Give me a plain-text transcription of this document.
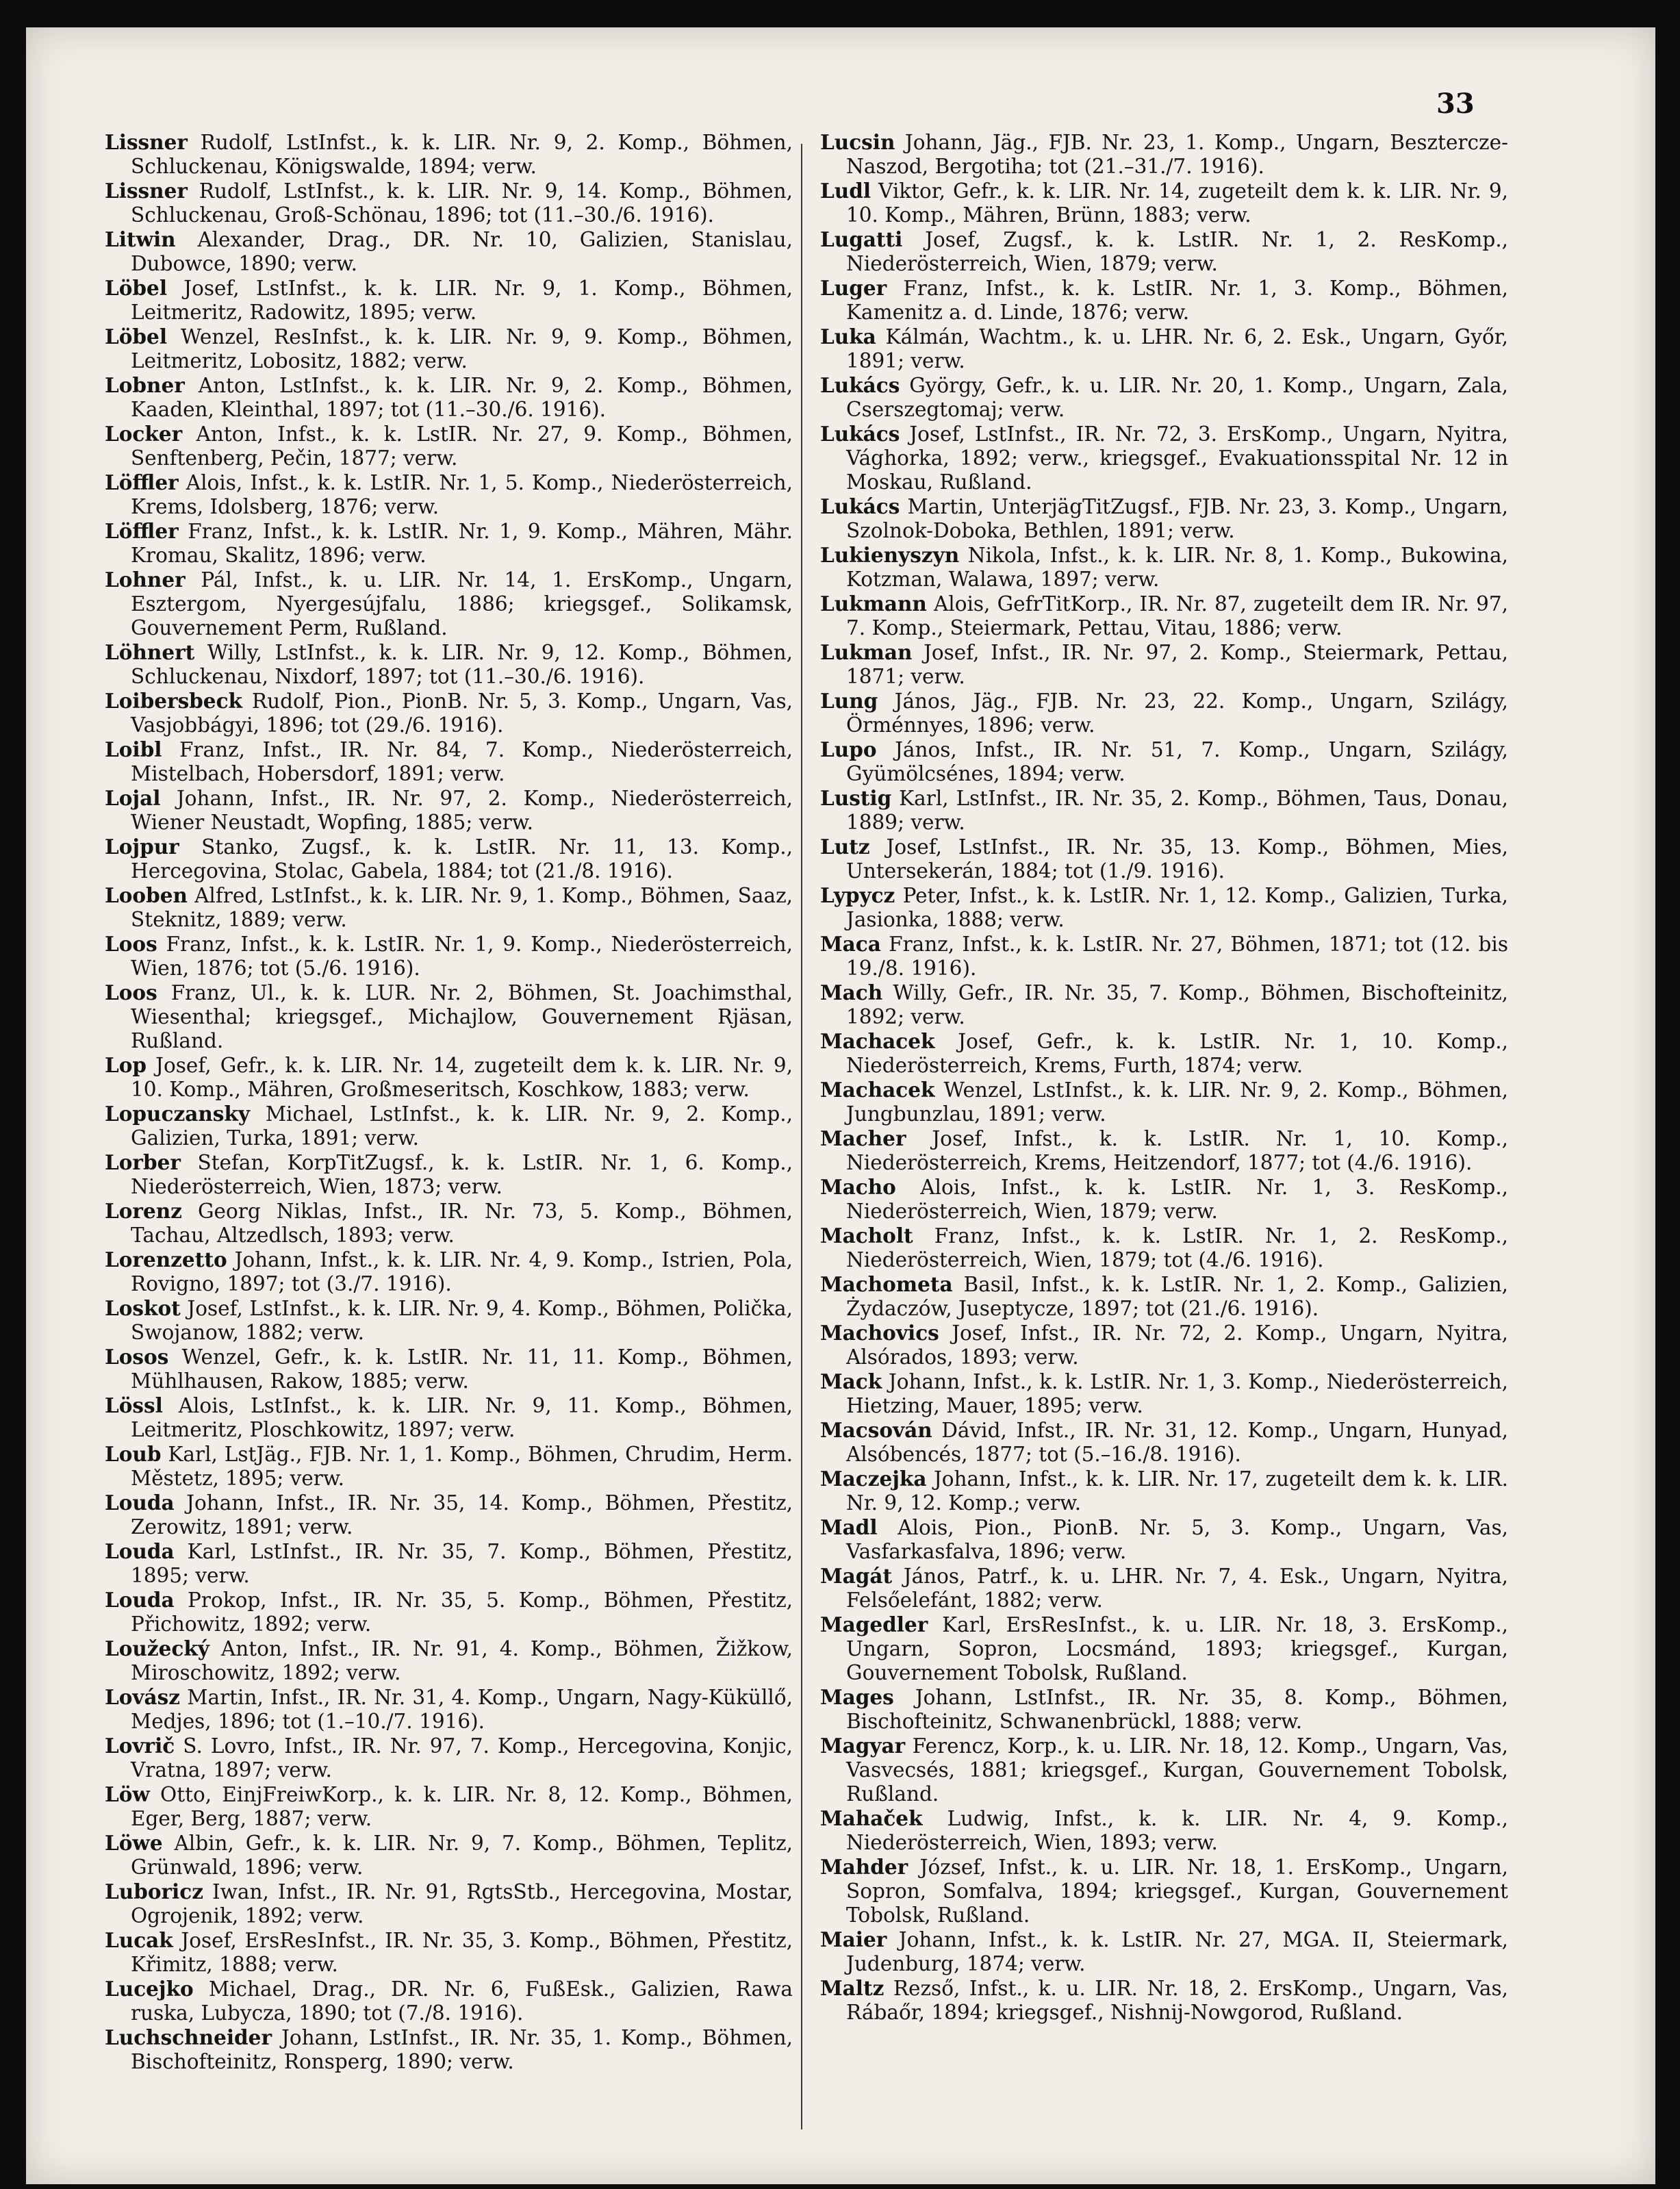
33

Lissner Rudolf, LstInfst., k. k. LIR. Nr. 9, 2. Komp., Böhmen, Schluckenau, Königswalde, 1894; verw.

Lissner Rudolf, LstInfst., k. k. LIR. Nr. 9, 14. Komp., Böhmen, Schluckenau, Groß-Schönau, 1896; tot (11.–30./6. 1916).

Litwin Alexander, Drag., DR. Nr. 10, Galizien, Stanislau, Dubowce, 1890; verw.

Löbel Josef, LstInfst., k. k. LIR. Nr. 9, 1. Komp., Böhmen, Leitmeritz, Radowitz, 1895; verw.

Löbel Wenzel, ResInfst., k. k. LIR. Nr. 9, 9. Komp., Böhmen, Leitmeritz, Lobositz, 1882; verw.

Lobner Anton, LstInfst., k. k. LIR. Nr. 9, 2. Komp., Böhmen, Kaaden, Kleinthal, 1897; tot (11.–30./6. 1916).

Locker Anton, Infst., k. k. LstIR. Nr. 27, 9. Komp., Böhmen, Senftenberg, Pečin, 1877; verw.

Löffler Alois, Infst., k. k. LstIR. Nr. 1, 5. Komp., Niederösterreich, Krems, Idolsberg, 1876; verw.

Löffler Franz, Infst., k. k. LstIR. Nr. 1, 9. Komp., Mähren, Mähr. Kromau, Skalitz, 1896; verw.

Lohner Pál, Infst., k. u. LIR. Nr. 14, 1. ErsKomp., Ungarn, Esztergom, Nyergesújfalu, 1886; kriegsgef., Solikamsk, Gouvernement Perm, Rußland.

Löhnert Willy, LstInfst., k. k. LIR. Nr. 9, 12. Komp., Böhmen, Schluckenau, Nixdorf, 1897; tot (11.–30./6. 1916).

Loibersbeck Rudolf, Pion., PionB. Nr. 5, 3. Komp., Ungarn, Vas, Vasjobbágyi, 1896; tot (29./6. 1916).

Loibl Franz, Infst., IR. Nr. 84, 7. Komp., Niederösterreich, Mistelbach, Hobersdorf, 1891; verw.

Lojal Johann, Infst., IR. Nr. 97, 2. Komp., Niederösterreich, Wiener Neustadt, Wopfing, 1885; verw.

Lojpur Stanko, Zugsf., k. k. LstIR. Nr. 11, 13. Komp., Hercegovina, Stolac, Gabela, 1884; tot (21./8. 1916).

Looben Alfred, LstInfst., k. k. LIR. Nr. 9, 1. Komp., Böhmen, Saaz, Steknitz, 1889; verw.

Loos Franz, Infst., k. k. LstIR. Nr. 1, 9. Komp., Niederösterreich, Wien, 1876; tot (5./6. 1916).

Loos Franz, Ul., k. k. LUR. Nr. 2, Böhmen, St. Joachimsthal, Wiesenthal; kriegsgef., Michajlow, Gouvernement Rjäsan, Rußland.

Lop Josef, Gefr., k. k. LIR. Nr. 14, zugeteilt dem k. k. LIR. Nr. 9, 10. Komp., Mähren, Großmeseritsch, Koschkow, 1883; verw.

Lopuczansky Michael, LstInfst., k. k. LIR. Nr. 9, 2. Komp., Galizien, Turka, 1891; verw.

Lorber Stefan, KorpTitZugsf., k. k. LstIR. Nr. 1, 6. Komp., Niederösterreich, Wien, 1873; verw.

Lorenz Georg Niklas, Infst., IR. Nr. 73, 5. Komp., Böhmen, Tachau, Altzedlsch, 1893; verw.

Lorenzetto Johann, Infst., k. k. LIR. Nr. 4, 9. Komp., Istrien, Pola, Rovigno, 1897; tot (3./7. 1916).

Loskot Josef, LstInfst., k. k. LIR. Nr. 9, 4. Komp., Böhmen, Polička, Swojanow, 1882; verw.

Losos Wenzel, Gefr., k. k. LstIR. Nr. 11, 11. Komp., Böhmen, Mühlhausen, Rakow, 1885; verw.

Lössl Alois, LstInfst., k. k. LIR. Nr. 9, 11. Komp., Böhmen, Leitmeritz, Ploschkowitz, 1897; verw.

Loub Karl, LstJäg., FJB. Nr. 1, 1. Komp., Böhmen, Chrudim, Herm. Městetz, 1895; verw.

Louda Johann, Infst., IR. Nr. 35, 14. Komp., Böhmen, Přestitz, Zerowitz, 1891; verw.

Louda Karl, LstInfst., IR. Nr. 35, 7. Komp., Böhmen, Přestitz, 1895; verw.

Louda Prokop, Infst., IR. Nr. 35, 5. Komp., Böhmen, Přestitz, Přichowitz, 1892; verw.

Loužecký Anton, Infst., IR. Nr. 91, 4. Komp., Böhmen, Žižkow, Miroschowitz, 1892; verw.

Lovász Martin, Infst., IR. Nr. 31, 4. Komp., Ungarn, Nagy-Küküllő, Medjes, 1896; tot (1.–10./7. 1916).

Lovrič S. Lovro, Infst., IR. Nr. 97, 7. Komp., Hercegovina, Konjic, Vratna, 1897; verw.

Löw Otto, EinjFreiwKorp., k. k. LIR. Nr. 8, 12. Komp., Böhmen, Eger, Berg, 1887; verw.

Löwe Albin, Gefr., k. k. LIR. Nr. 9, 7. Komp., Böhmen, Teplitz, Grünwald, 1896; verw.

Luboricz Iwan, Infst., IR. Nr. 91, RgtsStb., Hercegovina, Mostar, Ogrojenik, 1892; verw.

Lucak Josef, ErsResInfst., IR. Nr. 35, 3. Komp., Böhmen, Přestitz, Křimitz, 1888; verw.

Lucejko Michael, Drag., DR. Nr. 6, FußEsk., Galizien, Rawa ruska, Lubycza, 1890; tot (7./8. 1916).

Luchschneider Johann, LstInfst., IR. Nr. 35, 1. Komp., Böhmen, Bischofteinitz, Ronsperg, 1890; verw.

Lucsin Johann, Jäg., FJB. Nr. 23, 1. Komp., Ungarn, Besztercze-Naszod, Bergotiha; tot (21.–31./7. 1916).

Ludl Viktor, Gefr., k. k. LIR. Nr. 14, zugeteilt dem k. k. LIR. Nr. 9, 10. Komp., Mähren, Brünn, 1883; verw.

Lugatti Josef, Zugsf., k. k. LstIR. Nr. 1, 2. ResKomp., Niederösterreich, Wien, 1879; verw.

Luger Franz, Infst., k. k. LstIR. Nr. 1, 3. Komp., Böhmen, Kamenitz a. d. Linde, 1876; verw.

Luka Kálmán, Wachtm., k. u. LHR. Nr. 6, 2. Esk., Ungarn, Győr, 1891; verw.

Lukács György, Gefr., k. u. LIR. Nr. 20, 1. Komp., Ungarn, Zala, Cserszegtomaj; verw.

Lukács Josef, LstInfst., IR. Nr. 72, 3. ErsKomp., Ungarn, Nyitra, Vághorka, 1892; verw., kriegsgef., Evakuationsspital Nr. 12 in Moskau, Rußland.

Lukács Martin, UnterjägTitZugsf., FJB. Nr. 23, 3. Komp., Ungarn, Szolnok-Doboka, Bethlen, 1891; verw.

Lukienyszyn Nikola, Infst., k. k. LIR. Nr. 8, 1. Komp., Bukowina, Kotzman, Walawa, 1897; verw.

Lukmann Alois, GefrTitKorp., IR. Nr. 87, zugeteilt dem IR. Nr. 97, 7. Komp., Steiermark, Pettau, Vitau, 1886; verw.

Lukman Josef, Infst., IR. Nr. 97, 2. Komp., Steiermark, Pettau, 1871; verw.

Lung János, Jäg., FJB. Nr. 23, 22. Komp., Ungarn, Szilágy, Örménnyes, 1896; verw.

Lupo János, Infst., IR. Nr. 51, 7. Komp., Ungarn, Szilágy, Gyümölcsénes, 1894; verw.

Lustig Karl, LstInfst., IR. Nr. 35, 2. Komp., Böhmen, Taus, Donau, 1889; verw.

Lutz Josef, LstInfst., IR. Nr. 35, 13. Komp., Böhmen, Mies, Untersekerán, 1884; tot (1./9. 1916).

Lypycz Peter, Infst., k. k. LstIR. Nr. 1, 12. Komp., Galizien, Turka, Jasionka, 1888; verw.

Maca Franz, Infst., k. k. LstIR. Nr. 27, Böhmen, 1871; tot (12. bis 19./8. 1916).

Mach Willy, Gefr., IR. Nr. 35, 7. Komp., Böhmen, Bischofteinitz, 1892; verw.

Machacek Josef, Gefr., k. k. LstIR. Nr. 1, 10. Komp., Niederösterreich, Krems, Furth, 1874; verw.

Machacek Wenzel, LstInfst., k. k. LIR. Nr. 9, 2. Komp., Böhmen, Jungbunzlau, 1891; verw.

Macher Josef, Infst., k. k. LstIR. Nr. 1, 10. Komp., Niederösterreich, Krems, Heitzendorf, 1877; tot (4./6. 1916).

Macho Alois, Infst., k. k. LstIR. Nr. 1, 3. ResKomp., Niederösterreich, Wien, 1879; verw.

Macholt Franz, Infst., k. k. LstIR. Nr. 1, 2. ResKomp., Niederösterreich, Wien, 1879; tot (4./6. 1916).

Machometa Basil, Infst., k. k. LstIR. Nr. 1, 2. Komp., Galizien, Żydaczów, Juseptycze, 1897; tot (21./6. 1916).

Machovics Josef, Infst., IR. Nr. 72, 2. Komp., Ungarn, Nyitra, Alsórados, 1893; verw.

Mack Johann, Infst., k. k. LstIR. Nr. 1, 3. Komp., Niederösterreich, Hietzing, Mauer, 1895; verw.

Macsován Dávid, Infst., IR. Nr. 31, 12. Komp., Ungarn, Hunyad, Alsóbencés, 1877; tot (5.–16./8. 1916).

Maczejka Johann, Infst., k. k. LIR. Nr. 17, zugeteilt dem k. k. LIR. Nr. 9, 12. Komp.; verw.

Madl Alois, Pion., PionB. Nr. 5, 3. Komp., Ungarn, Vas, Vasfarkasfalva, 1896; verw.

Magát János, Patrf., k. u. LHR. Nr. 7, 4. Esk., Ungarn, Nyitra, Felsőelefánt, 1882; verw.

Magedler Karl, ErsResInfst., k. u. LIR. Nr. 18, 3. ErsKomp., Ungarn, Sopron, Locsmánd, 1893; kriegsgef., Kurgan, Gouvernement Tobolsk, Rußland.

Mages Johann, LstInfst., IR. Nr. 35, 8. Komp., Böhmen, Bischofteinitz, Schwanenbrückl, 1888; verw.

Magyar Ferencz, Korp., k. u. LIR. Nr. 18, 12. Komp., Ungarn, Vas, Vasvecsés, 1881; kriegsgef., Kurgan, Gouvernement Tobolsk, Rußland.

Mahaček Ludwig, Infst., k. k. LIR. Nr. 4, 9. Komp., Niederösterreich, Wien, 1893; verw.

Mahder József, Infst., k. u. LIR. Nr. 18, 1. ErsKomp., Ungarn, Sopron, Somfalva, 1894; kriegsgef., Kurgan, Gouvernement Tobolsk, Rußland.

Maier Johann, Infst., k. k. LstIR. Nr. 27, MGA. II, Steiermark, Judenburg, 1874; verw.

Maltz Rezső, Infst., k. u. LIR. Nr. 18, 2. ErsKomp., Ungarn, Vas, Rábaőr, 1894; kriegsgef., Nishnij-Nowgorod, Rußland.
